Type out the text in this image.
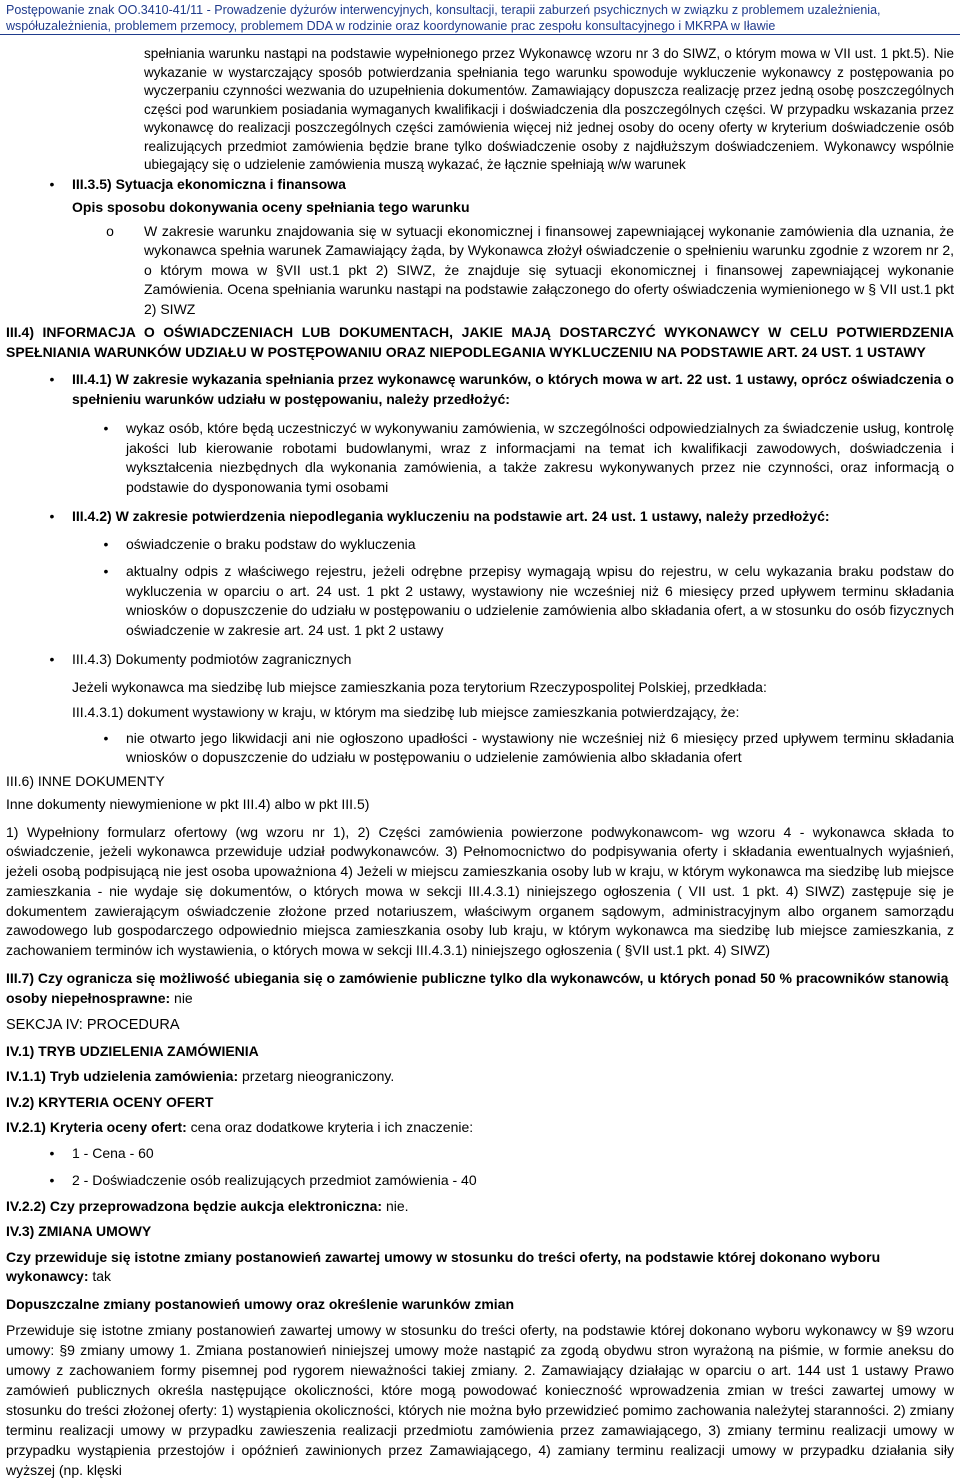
Postępowanie znak OO.3410-41/11 - Prowadzenie dyżurów interwencyjnych, konsultacji, terapii zaburzeń psychicznych w związku z problemem uzależnienia,
współuzależnienia, problemem przemocy, problemem DDA w rodzinie oraz koordynowanie prac zespołu konsultacyjnego i MKRPA w Iławie

spełniania warunku nastąpi na podstawie wypełnionego przez Wykonawcę wzoru nr 3 do SIWZ, o którym mowa w VII ust. 1 pkt.5). Nie wykazanie w wystarczający sposób potwierdzania spełniania tego warunku spowoduje wykluczenie wykonawcy z postępowania po wyczerpaniu czynności wezwania do uzupełnienia dokumentów. Zamawiający dopuszcza realizację przez jedną osobę poszczególnych części pod warunkiem posiadania wymaganych kwalifikacji i doświadczenia dla poszczególnych części. W przypadku wskazania przez wykonawcę do realizacji poszczególnych części zamówienia więcej niż jednej osoby do oceny oferty w kryterium doświadczenie osób realizujących przedmiot zamówienia będzie brane tylko doświadczenie osoby z najdłuższym doświadczeniem. Wykonawcy wspólnie ubiegający się o udzielenie zamówienia muszą wykazać, że łącznie spełniają w/w warunek

•	III.3.5) Sytuacja ekonomiczna i finansowa

Opis sposobu dokonywania oceny spełniania tego warunku

o	W zakresie warunku znajdowania się w sytuacji ekonomicznej i finansowej zapewniającej wykonanie zamówienia dla uznania, że wykonawca spełnia warunek Zamawiający żąda, by Wykonawca złożył oświadczenie o spełnieniu warunku zgodnie z wzorem nr 2, o którym mowa w §VII ust.1 pkt 2) SIWZ, że znajduje się sytuacji ekonomicznej i finansowej zapewniającej wykonanie Zamówienia. Ocena spełniania warunku nastąpi na podstawie załączonego do oferty oświadczenia wymienionego w § VII ust.1 pkt 2) SIWZ

III.4) INFORMACJA O OŚWIADCZENIACH LUB DOKUMENTACH, JAKIE MAJĄ DOSTARCZYĆ WYKONAWCY W CELU POTWIERDZENIA SPEŁNIANIA WARUNKÓW UDZIAŁU W POSTĘPOWANIU ORAZ NIEPODLEGANIA WYKLUCZENIU NA PODSTAWIE ART. 24 UST. 1 USTAWY

•	III.4.1) W zakresie wykazania spełniania przez wykonawcę warunków, o których mowa w art. 22 ust. 1 ustawy, oprócz oświadczenia o spełnieniu warunków udziału w postępowaniu, należy przedłożyć:
•	wykaz osób, które będą uczestniczyć w wykonywaniu zamówienia, w szczególności odpowiedzialnych za świadczenie usług, kontrolę jakości lub kierowanie robotami budowlanymi, wraz z informacjami na temat ich kwalifikacji zawodowych, doświadczenia i wykształcenia niezbędnych dla wykonania zamówienia, a także zakresu wykonywanych przez nie czynności, oraz informacją o podstawie do dysponowania tymi osobami
•	III.4.2) W zakresie potwierdzenia niepodlegania wykluczeniu na podstawie art. 24 ust. 1 ustawy, należy przedłożyć:
•	oświadczenie o braku podstaw do wykluczenia
•	aktualny odpis z właściwego rejestru, jeżeli odrębne przepisy wymagają wpisu do rejestru, w celu wykazania braku podstaw do wykluczenia w oparciu o art. 24 ust. 1 pkt 2 ustawy, wystawiony nie wcześniej niż 6 miesięcy przed upływem terminu składania wniosków o dopuszczenie do udziału w postępowaniu o udzielenie zamówienia albo składania ofert, a w stosunku do osób fizycznych oświadczenie w zakresie art. 24 ust. 1 pkt 2 ustawy
•	III.4.3) Dokumenty podmiotów zagranicznych

Jeżeli wykonawca ma siedzibę lub miejsce zamieszkania poza terytorium Rzeczypospolitej Polskiej, przedkłada:

III.4.3.1) dokument wystawiony w kraju, w którym ma siedzibę lub miejsce zamieszkania potwierdzający, że:

•	nie otwarto jego likwidacji ani nie ogłoszono upadłości - wystawiony nie wcześniej niż 6 miesięcy przed upływem terminu składania wniosków o dopuszczenie do udziału w postępowaniu o udzielenie zamówienia albo składania ofert

III.6) INNE DOKUMENTY

Inne dokumenty niewymienione w pkt III.4) albo w pkt III.5)

1) Wypełniony formularz ofertowy (wg wzoru nr 1), 2) Części zamówienia powierzone podwykonawcom- wg wzoru 4 - wykonawca składa to oświadczenie, jeżeli wykonawca przewiduje udział podwykonawców. 3) Pełnomocnictwo do podpisywania oferty i składania ewentualnych wyjaśnień, jeżeli osobą podpisującą nie jest osoba upoważniona 4) Jeżeli w miejscu zamieszkania osoby lub w kraju, w którym wykonawca ma siedzibę lub miejsce zamieszkania - nie wydaje się dokumentów, o których mowa w sekcji III.4.3.1) niniejszego ogłoszenia ( VII ust. 1 pkt. 4) SIWZ) zastępuje się je dokumentem zawierającym oświadczenie złożone przed notariuszem, właściwym organem sądowym, administracyjnym albo organem samorządu zawodowego lub gospodarczego odpowiednio miejsca zamieszkania osoby lub kraju, w którym wykonawca ma siedzibę lub miejsce zamieszkania, z zachowaniem terminów ich wystawienia, o których mowa w sekcji III.4.3.1) niniejszego ogłoszenia ( §VII ust.1 pkt. 4) SIWZ)

III.7) Czy ogranicza się możliwość ubiegania się o zamówienie publiczne tylko dla wykonawców, u których ponad 50 % pracowników stanowią osoby niepełnosprawne: nie

SEKCJA IV: PROCEDURA

IV.1) TRYB UDZIELENIA ZAMÓWIENIA

IV.1.1) Tryb udzielenia zamówienia: przetarg nieograniczony.

IV.2) KRYTERIA OCENY OFERT

IV.2.1) Kryteria oceny ofert: cena oraz dodatkowe kryteria i ich znaczenie:

•	1 - Cena - 60
•	2 - Doświadczenie osób realizujących przedmiot zamówienia - 40

IV.2.2) Czy przeprowadzona będzie aukcja elektroniczna: nie.

IV.3) ZMIANA UMOWY

Czy przewiduje się istotne zmiany postanowień zawartej umowy w stosunku do treści oferty, na podstawie której dokonano wyboru wykonawcy: tak

Dopuszczalne zmiany postanowień umowy oraz określenie warunków zmian

Przewiduje się istotne zmiany postanowień zawartej umowy w stosunku do treści oferty, na podstawie której dokonano wyboru wykonawcy w §9 wzoru umowy: §9 zmiany umowy 1. Zmiana postanowień niniejszej umowy może nastąpić za zgodą obydwu stron wyrażoną na piśmie, w formie aneksu do umowy z zachowaniem formy pisemnej pod rygorem nieważności takiej zmiany. 2. Zamawiający działając w oparciu o art. 144 ust 1 ustawy Prawo zamówień publicznych określa następujące okoliczności, które mogą powodować konieczność wprowadzenia zmian w treści zawartej umowy w stosunku do treści złożonej oferty: 1) wystąpienia okoliczności, których nie można było przewidzieć pomimo zachowania należytej staranności. 2) zmiany terminu realizacji umowy w przypadku zawieszenia realizacji przedmiotu zamówienia przez zamawiającego, 3) zmiany terminu realizacji umowy w przypadku wystąpienia przestojów i opóźnień zawinionych przez Zamawiającego, 4) zamiany terminu realizacji umowy w przypadku działania siły wyższej (np. klęski
